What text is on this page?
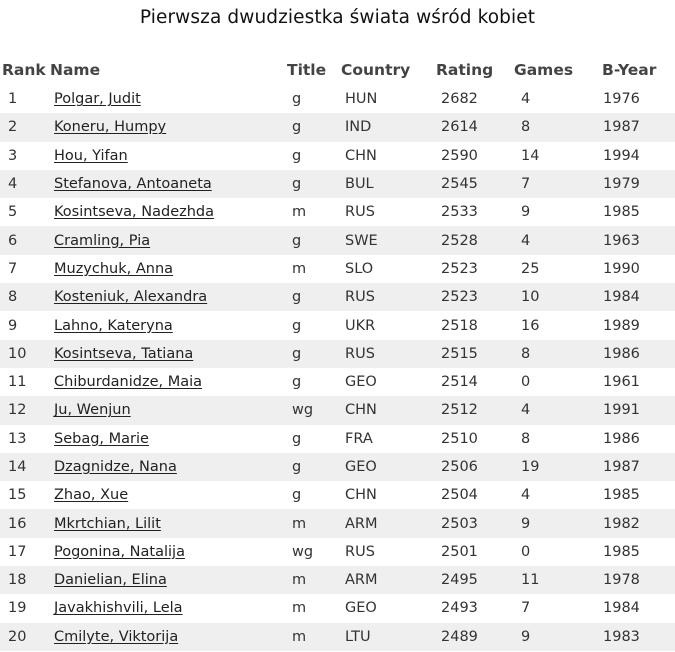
Pierwsza dwudziestka świata wśród kobiet
Rank	Name	Title	Country	Rating	Games	B-Year
1	Polgar, Judit	g	HUN	2682	4	1976
2	Koneru, Humpy	g	IND	2614	8	1987
3	Hou, Yifan	g	CHN	2590	14	1994
4	Stefanova, Antoaneta	g	BUL	2545	7	1979
5	Kosintseva, Nadezhda	m	RUS	2533	9	1985
6	Cramling, Pia	g	SWE	2528	4	1963
7	Muzychuk, Anna	m	SLO	2523	25	1990
8	Kosteniuk, Alexandra	g	RUS	2523	10	1984
9	Lahno, Kateryna	g	UKR	2518	16	1989
10	Kosintseva, Tatiana	g	RUS	2515	8	1986
11	Chiburdanidze, Maia	g	GEO	2514	0	1961
12	Ju, Wenjun	wg	CHN	2512	4	1991
13	Sebag, Marie	g	FRA	2510	8	1986
14	Dzagnidze, Nana	g	GEO	2506	19	1987
15	Zhao, Xue	g	CHN	2504	4	1985
16	Mkrtchian, Lilit	m	ARM	2503	9	1982
17	Pogonina, Natalija	wg	RUS	2501	0	1985
18	Danielian, Elina	m	ARM	2495	11	1978
19	Javakhishvili, Lela	m	GEO	2493	7	1984
20	Cmilyte, Viktorija	m	LTU	2489	9	1983
